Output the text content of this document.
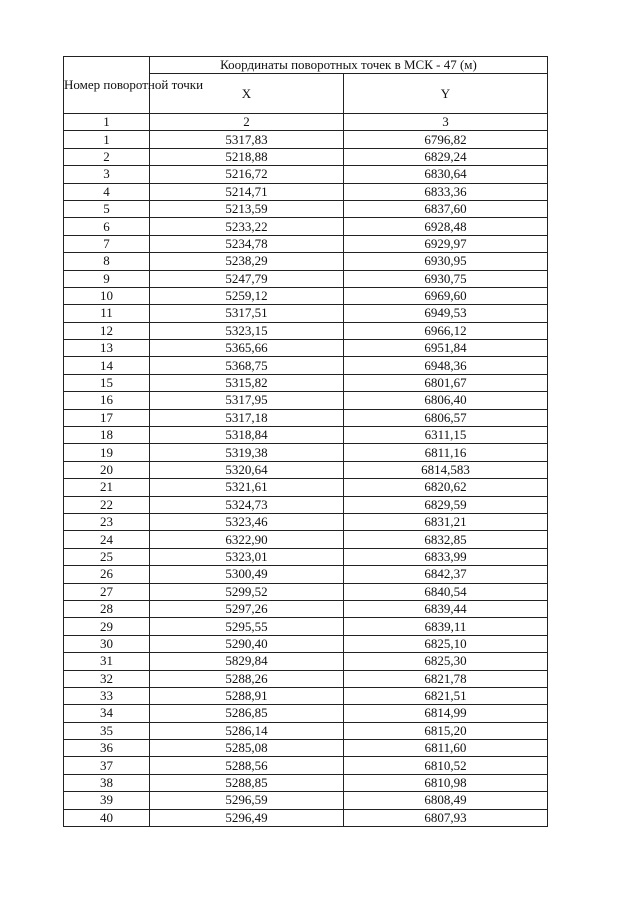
Номер поворотной точки	Координаты поворотных точек в МСК - 47 (м)	
	X	Y
1	2	3
1	5317,83	6796,82
2	5218,88	6829,24
3	5216,72	6830,64
4	5214,71	6833,36
5	5213,59	6837,60
6	5233,22	6928,48
7	5234,78	6929,97
8	5238,29	6930,95
9	5247,79	6930,75
10	5259,12	6969,60
11	5317,51	6949,53
12	5323,15	6966,12
13	5365,66	6951,84
14	5368,75	6948,36
15	5315,82	6801,67
16	5317,95	6806,40
17	5317,18	6806,57
18	5318,84	6311,15
19	5319,38	6811,16
20	5320,64	6814,583
21	5321,61	6820,62
22	5324,73	6829,59
23	5323,46	6831,21
24	6322,90	6832,85
25	5323,01	6833,99
26	5300,49	6842,37
27	5299,52	6840,54
28	5297,26	6839,44
29	5295,55	6839,11
30	5290,40	6825,10
31	5829,84	6825,30
32	5288,26	6821,78
33	5288,91	6821,51
34	5286,85	6814,99
35	5286,14	6815,20
36	5285,08	6811,60
37	5288,56	6810,52
38	5288,85	6810,98
39	5296,59	6808,49
40	5296,49	6807,93
